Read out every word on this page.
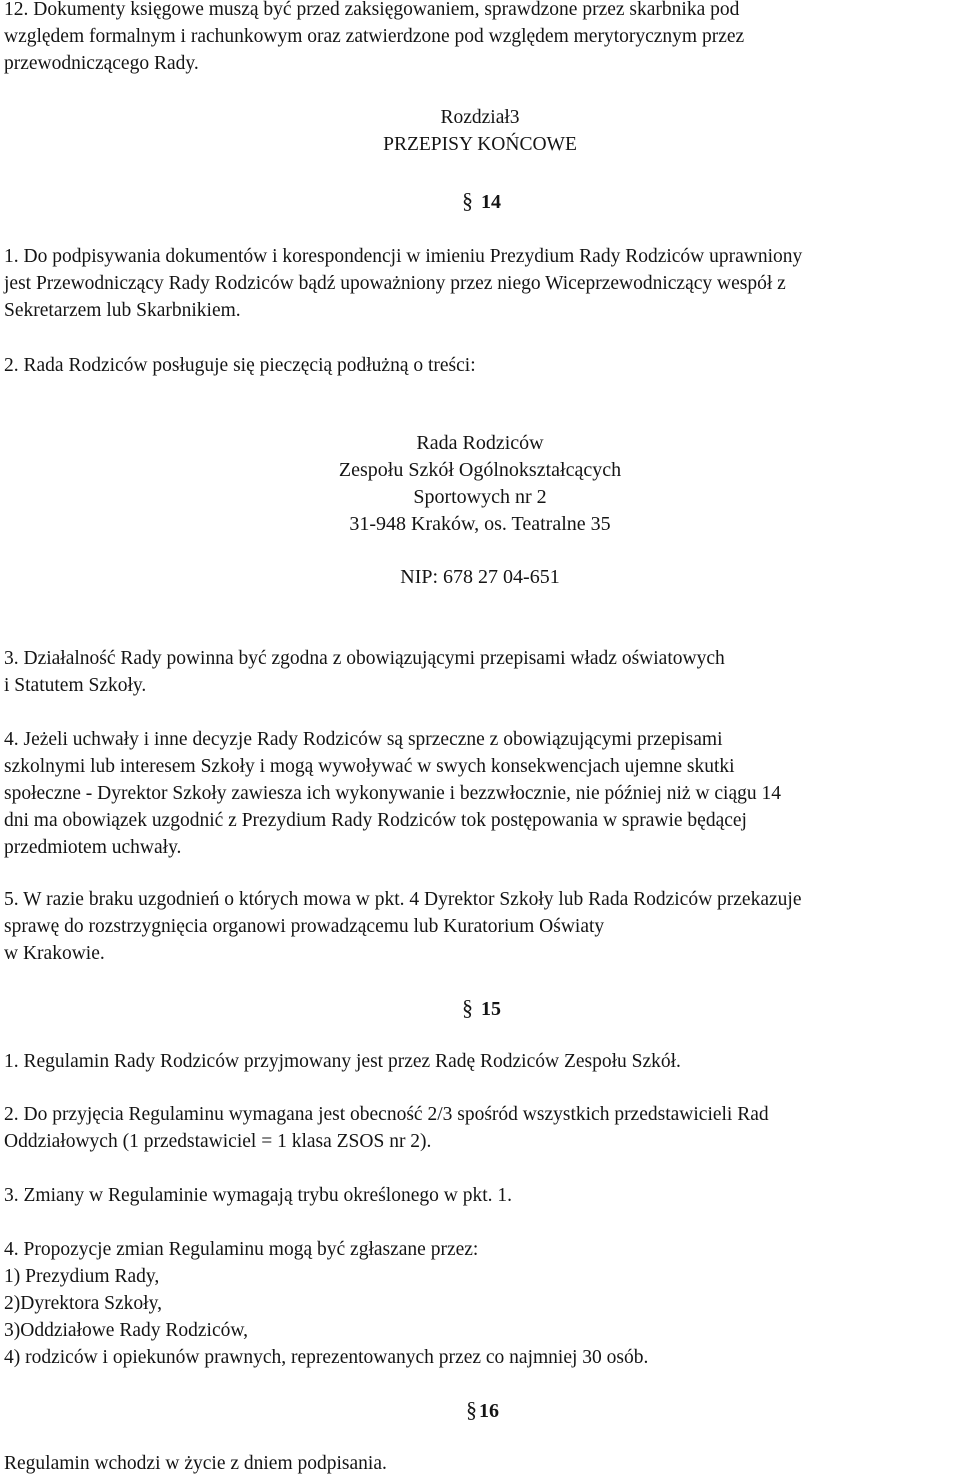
12. Dokumenty księgowe muszą być przed zaksięgowaniem, sprawdzone przez skarbnika pod
względem formalnym i rachunkowym oraz zatwierdzone pod względem merytorycznym przez
przewodniczącego Rady.

Rozdział3
PRZEPISY KOŃCOWE

§ 14

1. Do podpisywania dokumentów i korespondencji w imieniu Prezydium Rady Rodziców uprawniony
jest Przewodniczący Rady Rodziców bądź upoważniony przez niego Wiceprzewodniczący wespół z
Sekretarzem lub Skarbnikiem.

2. Rada Rodziców posługuje się pieczęcią podłużną o treści:

Rada Rodziców
Zespołu Szkół Ogólnokształcących
Sportowych nr 2
31-948 Kraków, os. Teatralne 35
NIP: 678 27 04-651

3. Działalność Rady powinna być zgodna z obowiązującymi przepisami władz oświatowych
i Statutem Szkoły.

4. Jeżeli uchwały i inne decyzje Rady Rodziców są sprzeczne z obowiązującymi przepisami
szkolnymi lub interesem Szkoły i mogą wywoływać w swych konsekwencjach ujemne skutki
społeczne - Dyrektor Szkoły zawiesza ich wykonywanie i bezzwłocznie, nie później niż w ciągu 14
dni ma obowiązek uzgodnić z Prezydium Rady Rodziców tok postępowania w sprawie będącej
przedmiotem uchwały.

5. W razie braku uzgodnień o których mowa w pkt. 4 Dyrektor Szkoły lub Rada Rodziców przekazuje
sprawę do rozstrzygnięcia organowi prowadzącemu lub Kuratorium Oświaty
w Krakowie.

§ 15

1. Regulamin Rady Rodziców przyjmowany jest przez Radę Rodziców Zespołu Szkół.

2. Do przyjęcia Regulaminu wymagana jest obecność 2/3 spośród wszystkich przedstawicieli Rad
Oddziałowych (1 przedstawiciel = 1 klasa ZSOS nr 2).

3. Zmiany w Regulaminie wymagają trybu określonego w pkt. 1.

4. Propozycje zmian Regulaminu mogą być zgłaszane przez:
1) Prezydium Rady,
2)Dyrektora Szkoły,
3)Oddziałowe Rady Rodziców,
4) rodziców i opiekunów prawnych, reprezentowanych przez co najmniej 30 osób.

§ 16

Regulamin wchodzi w życie z dniem podpisania.
